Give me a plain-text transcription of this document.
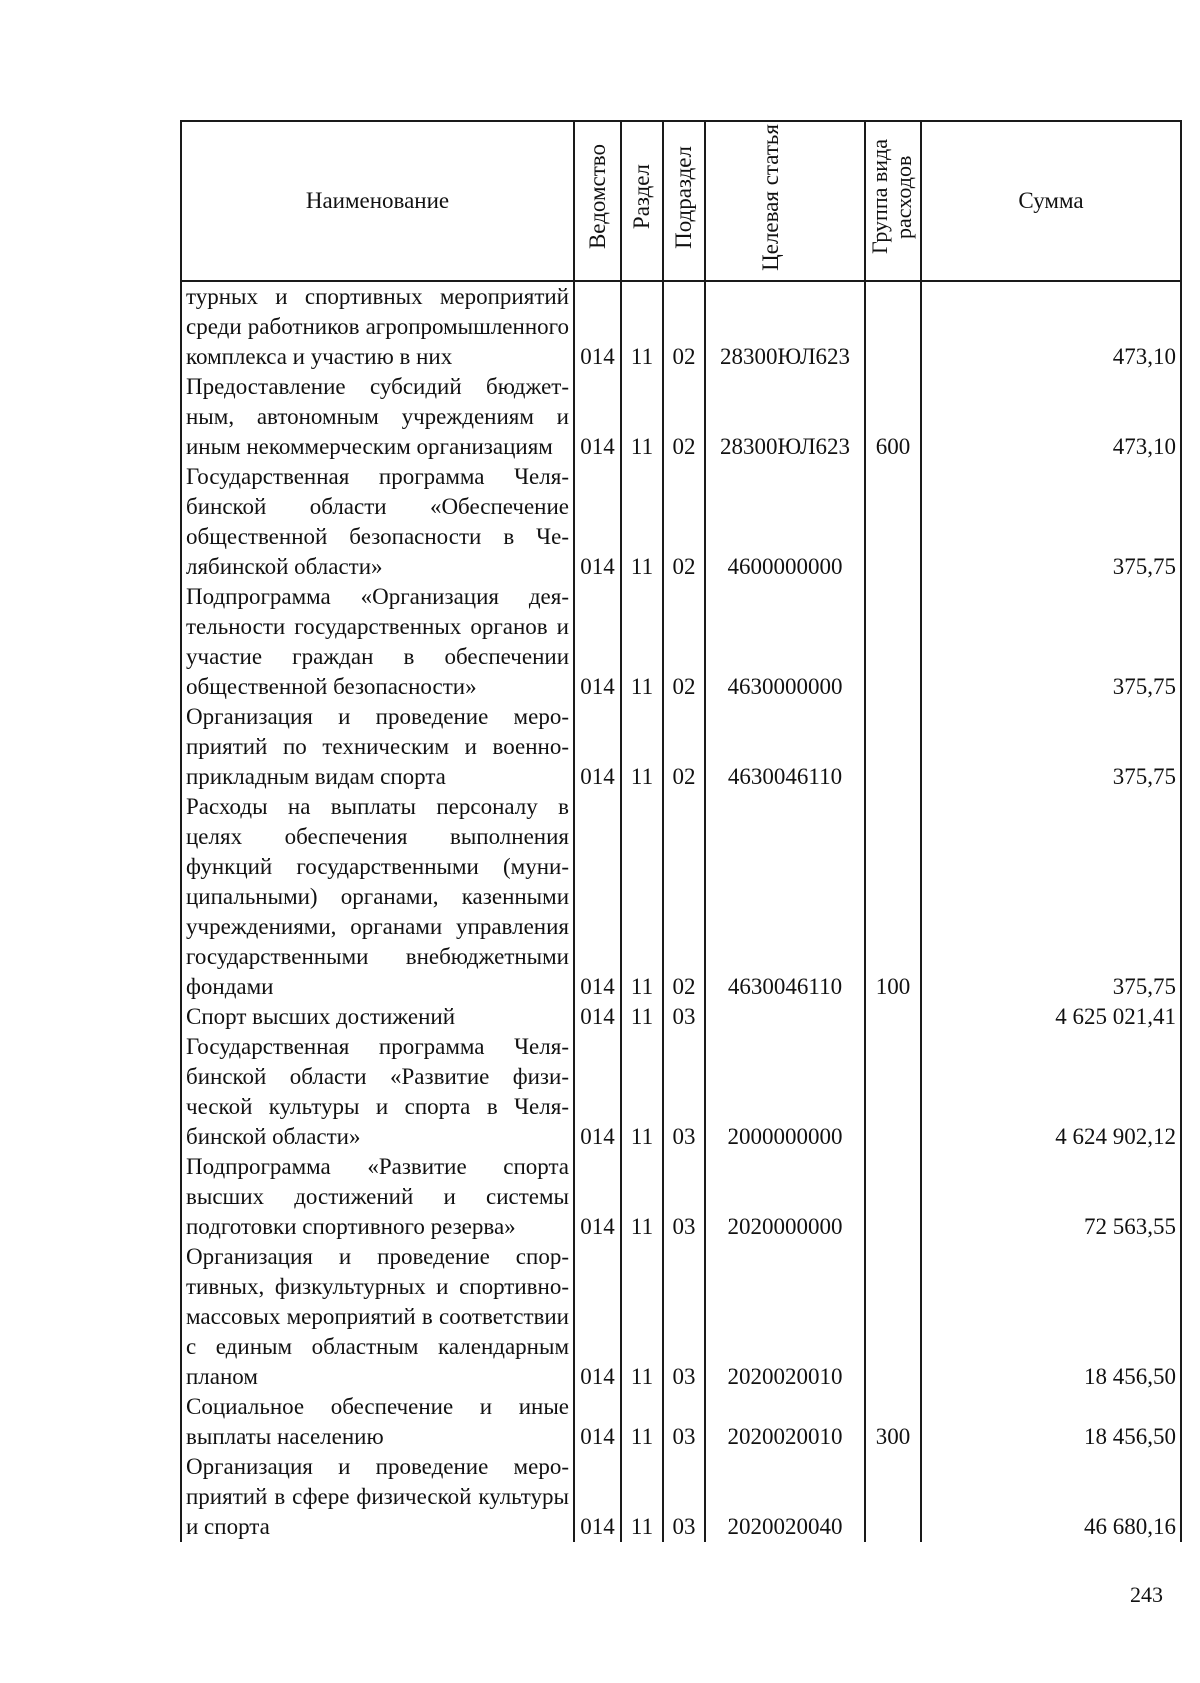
Наименование	Ведомство	Раздел	Подраздел	Целевая статья	Группа вида расходов	Сумма
турных и спортивных мероприятий среди работников агропромышленного комплекса и участию в них	014	11	02	28300ЮЛ623		473,10
Предоставление субсидий бюджетным, автономным учреждениям и иным некоммерческим организациям	014	11	02	28300ЮЛ623	600	473,10
Государственная программа Челябинской области «Обеспечение общественной безопасности в Челябинской области»	014	11	02	4600000000		375,75
Подпрограмма «Организация деятельности государственных органов и участие граждан в обеспечении общественной безопасности»	014	11	02	4630000000		375,75
Организация и проведение мероприятий по техническим и военно-прикладным видам спорта	014	11	02	4630046110		375,75
Расходы на выплаты персоналу в целях обеспечения выполнения функций государственными (муниципальными) органами, казенными учреждениями, органами управления государственными внебюджетными фондами	014	11	02	4630046110	100	375,75
Спорт высших достижений	014	11	03			4 625 021,41
Государственная программа Челябинской области «Развитие физической культуры и спорта в Челябинской области»	014	11	03	2000000000		4 624 902,12
Подпрограмма «Развитие спорта высших достижений и системы подготовки спортивного резерва»	014	11	03	2020000000		72 563,55
Организация и проведение спортивных, физкультурных и спортивно-массовых мероприятий в соответствии с единым областным календарным планом	014	11	03	2020020010		18 456,50
Социальное обеспечение и иные выплаты населению	014	11	03	2020020010	300	18 456,50
Организация и проведение мероприятий в сфере физической культуры и спорта	014	11	03	2020020040		46 680,16
243
